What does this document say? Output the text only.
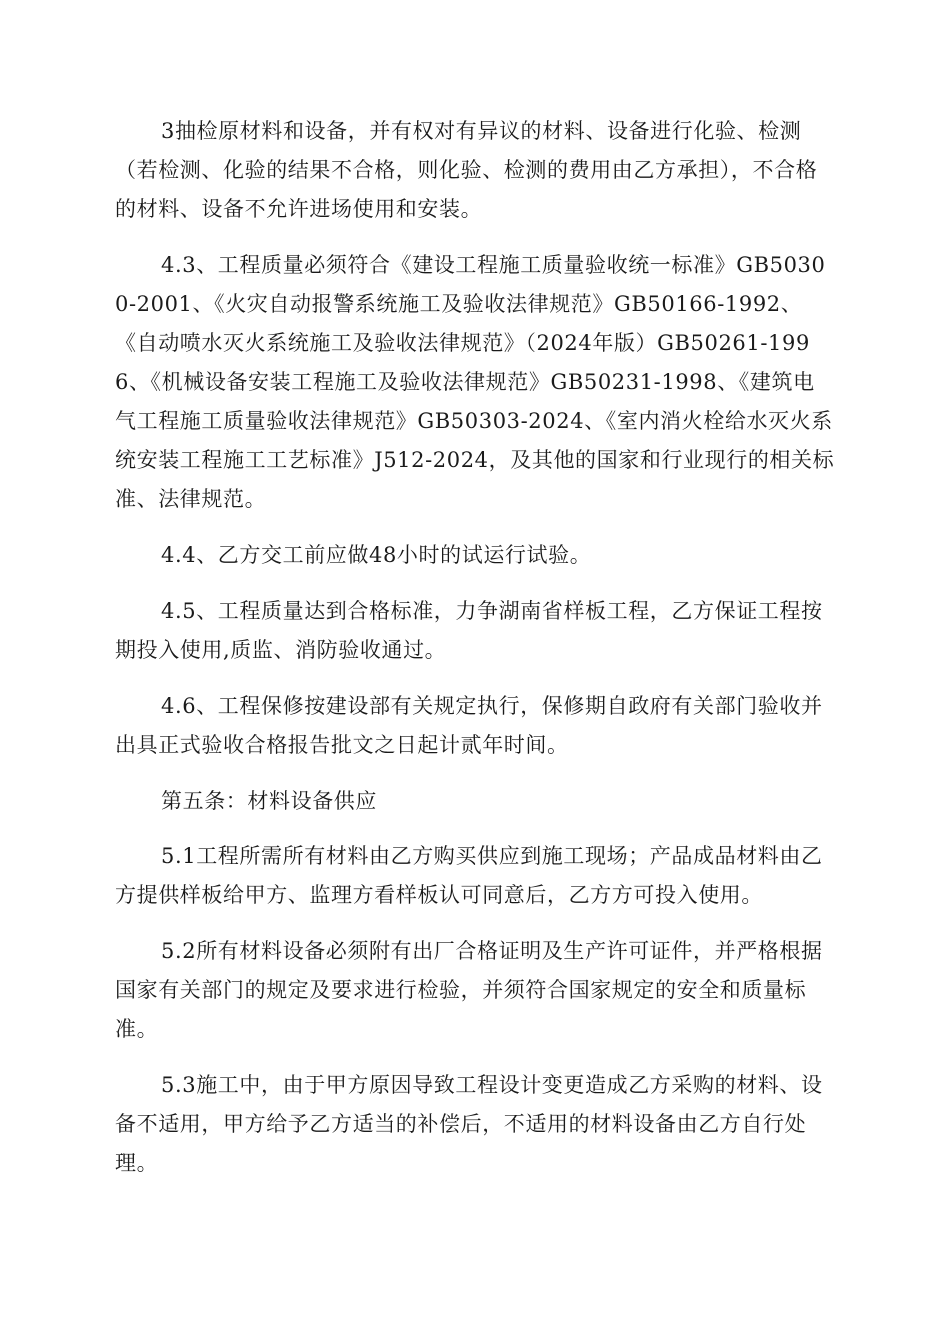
3抽检原材料和设备，并有权对有异议的材料、设备进行化验、检测（若检测、化验的结果不合格，则化验、检测的费用由乙方承担），不合格的材料、设备不允许进场使用和安装。

4.3、工程质量必须符合《建设工程施工质量验收统一标准》GB50300-2001、《火灾自动报警系统施工及验收法律规范》GB50166-1992、《自动喷水灭火系统施工及验收法律规范》（2024年版）GB50261-1996、《机械设备安装工程施工及验收法律规范》GB50231-1998、《建筑电气工程施工质量验收法律规范》GB50303-2024、《室内消火栓给水灭火系统安装工程施工工艺标准》J512-2024，及其他的国家和行业现行的相关标准、法律规范。

4.4、乙方交工前应做48小时的试运行试验。

4.5、工程质量达到合格标准，力争湖南省样板工程，乙方保证工程按期投入使用,质监、消防验收通过。

4.6、工程保修按建设部有关规定执行，保修期自政府有关部门验收并出具正式验收合格报告批文之日起计贰年时间。

第五条：材料设备供应

5.1工程所需所有材料由乙方购买供应到施工现场；产品成品材料由乙方提供样板给甲方、监理方看样板认可同意后，乙方方可投入使用。

5.2所有材料设备必须附有出厂合格证明及生产许可证件，并严格根据国家有关部门的规定及要求进行检验，并须符合国家规定的安全和质量标准。

5.3施工中，由于甲方原因导致工程设计变更造成乙方采购的材料、设备不适用，甲方给予乙方适当的补偿后，不适用的材料设备由乙方自行处理。
